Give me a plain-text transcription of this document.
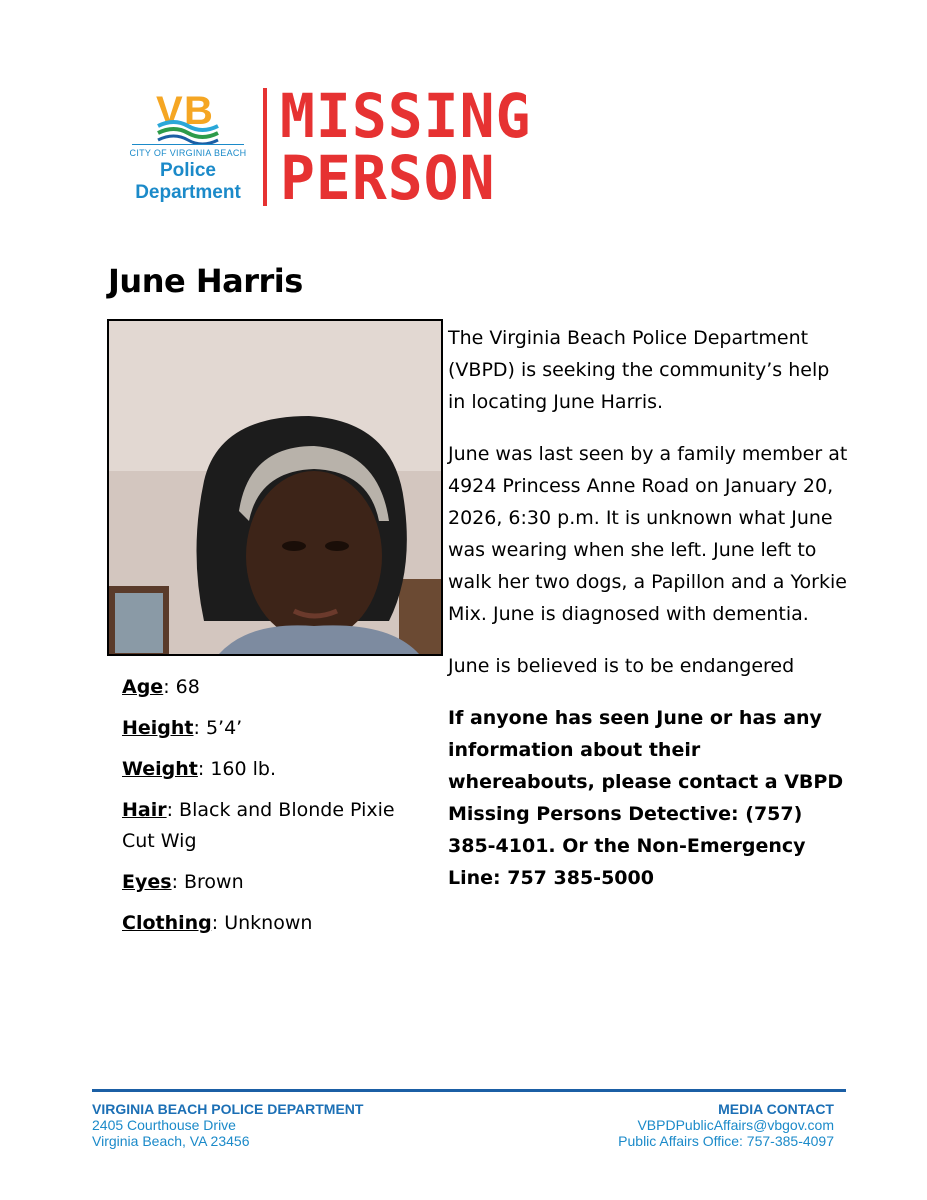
V B
CITY OF VIRGINIA BEACH
Police
Department
MISSING
PERSON
June Harris

Age: 68

Height: 5’4’

Weight: 160 lb.

Hair: Black and Blonde Pixie Cut Wig

Eyes: Brown

Clothing: Unknown

The Virginia Beach Police Department (VBPD) is seeking the community’s help in locating June Harris.

June was last seen by a family member at 4924 Princess Anne Road on January 20, 2026, 6:30 p.m. It is unknown what June was wearing when she left. June left to walk her two dogs, a Papillon and a Yorkie Mix. June is diagnosed with dementia.

June is believed is to be endangered

If anyone has seen June or has any information about their whereabouts, please contact a VBPD Missing Persons Detective: (757) 385-4101. Or the Non-Emergency Line: 757 385-5000

VIRGINIA BEACH POLICE DEPARTMENT
2405 Courthouse Drive
Virginia Beach, VA 23456
MEDIA CONTACT
VBPDPublicAffairs@vbgov.com
Public Affairs Office: 757-385-4097
